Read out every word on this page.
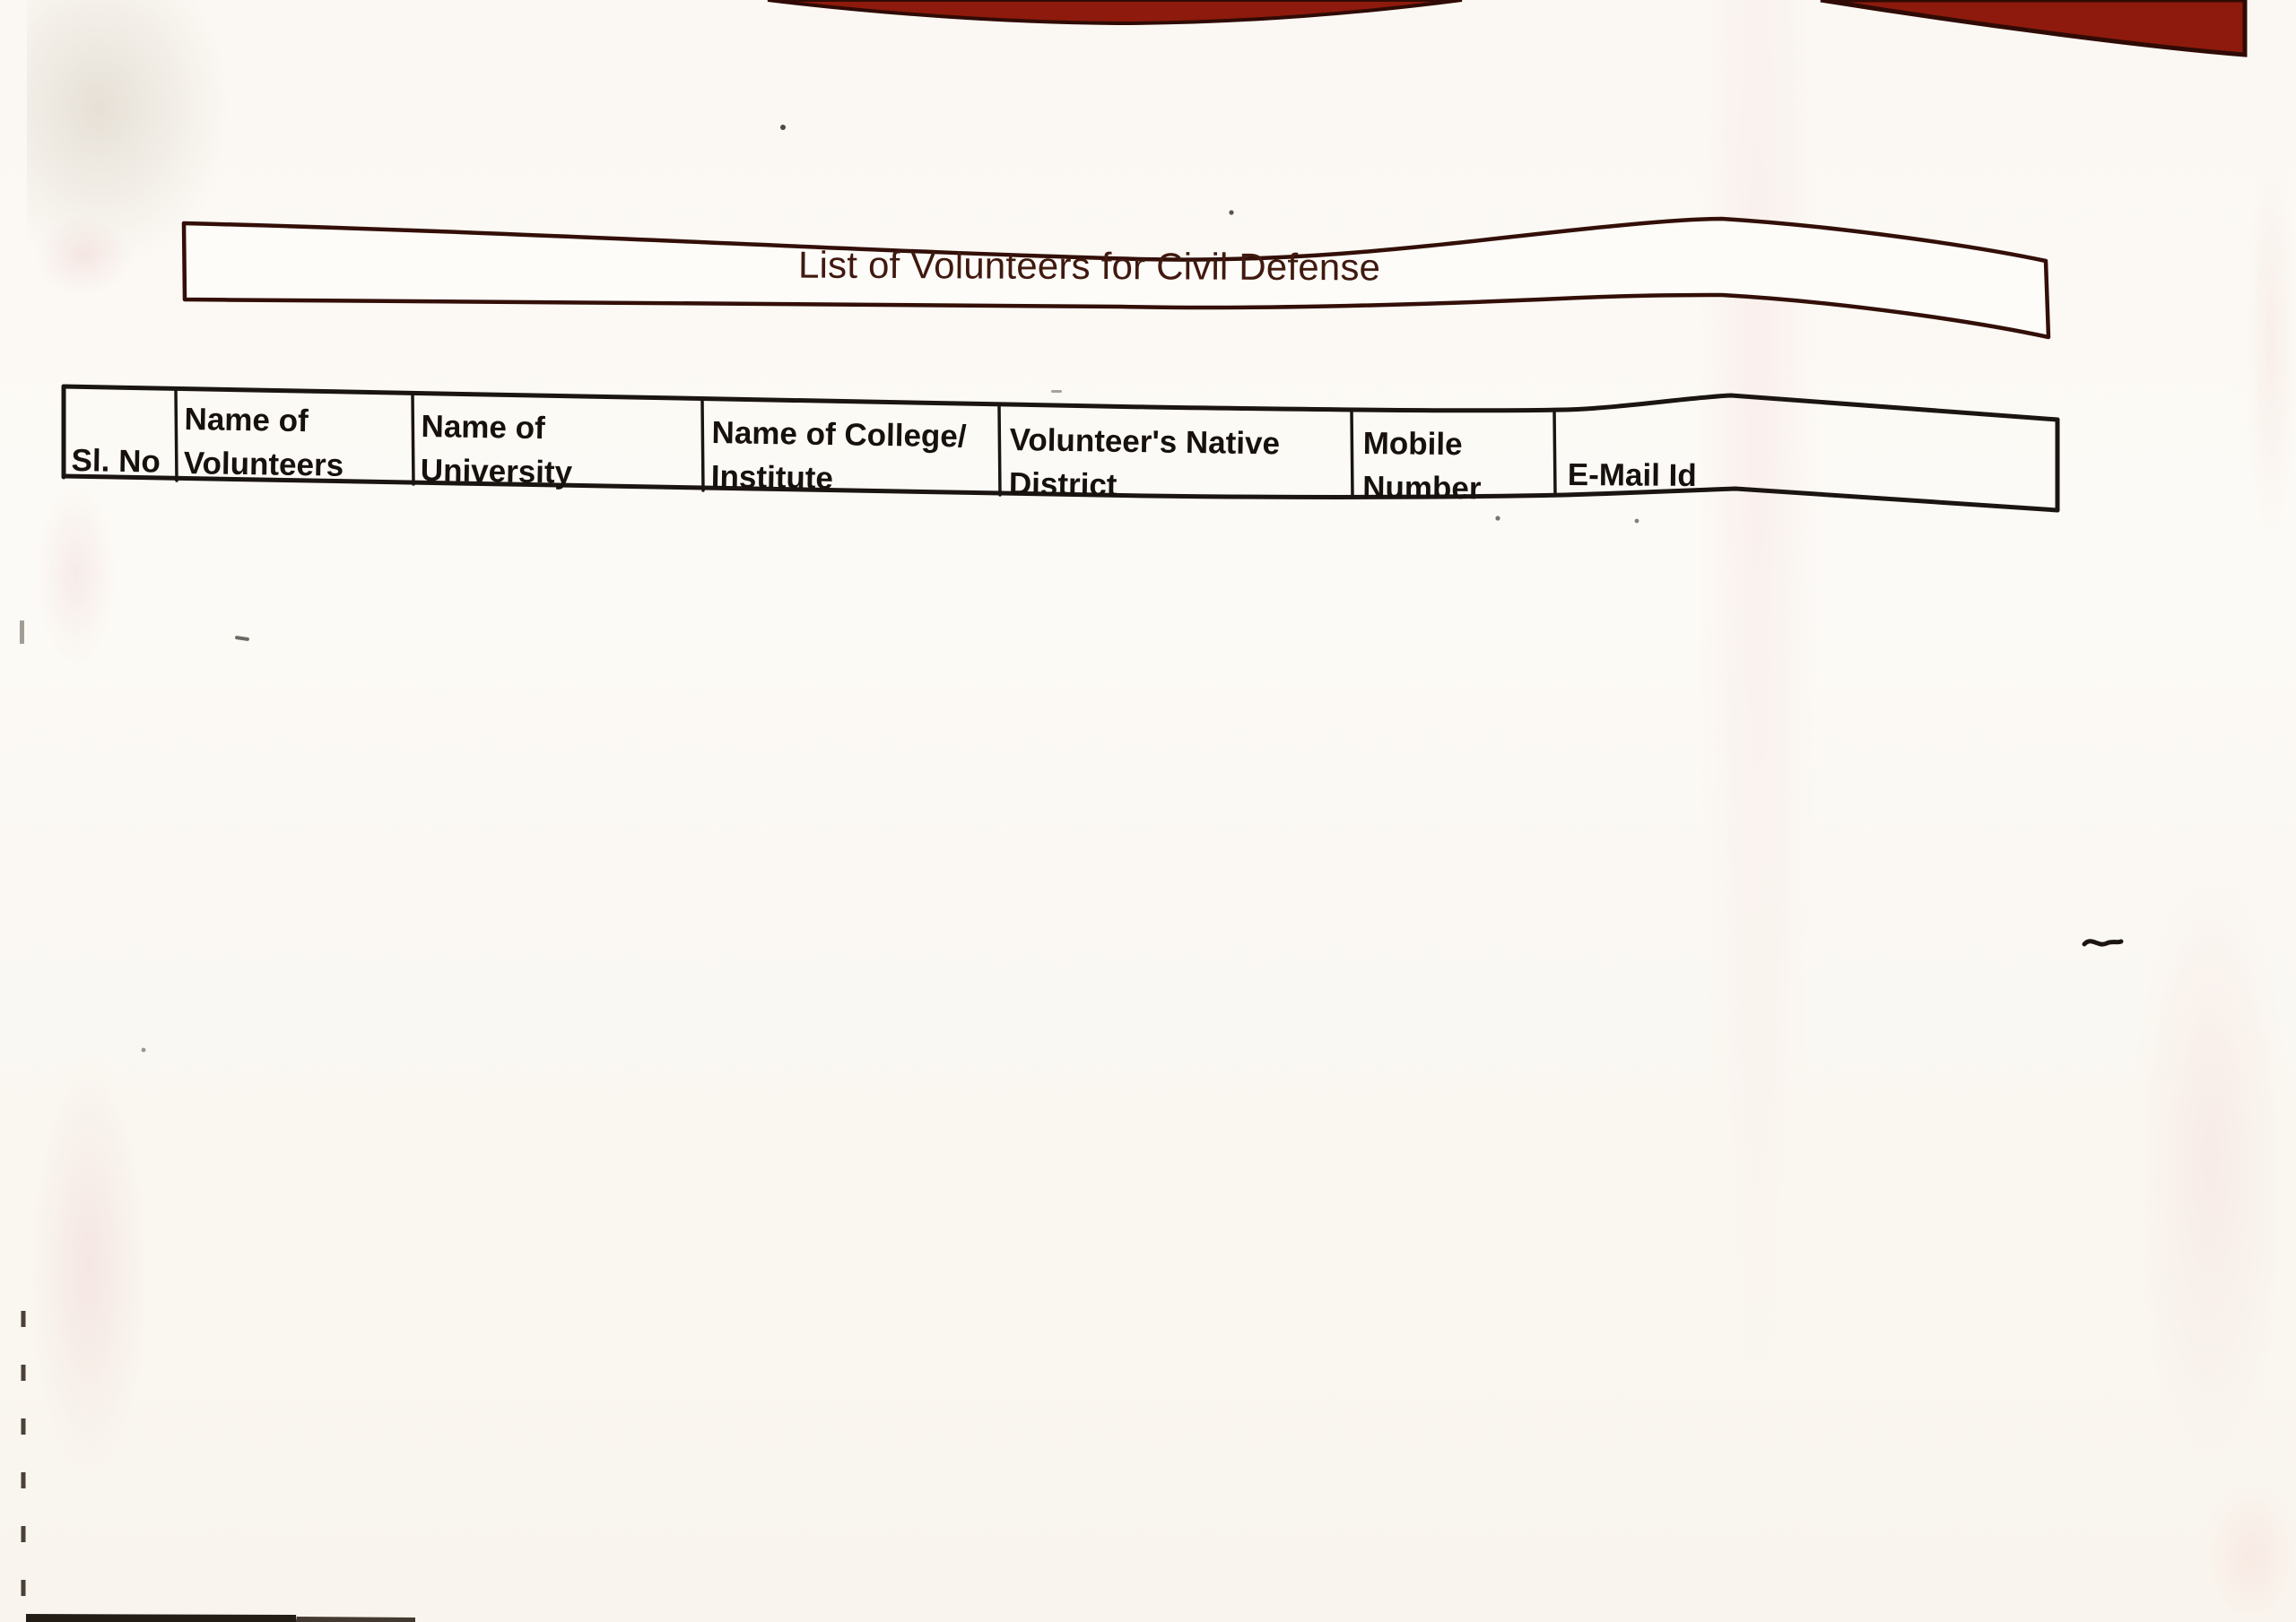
List of Volunteers for Civil Defense
Sl. No
Name of
Volunteers
Name of
University
Name of College/
Institute
Volunteer's Native
District
Mobile
Number	E-Mail Id
